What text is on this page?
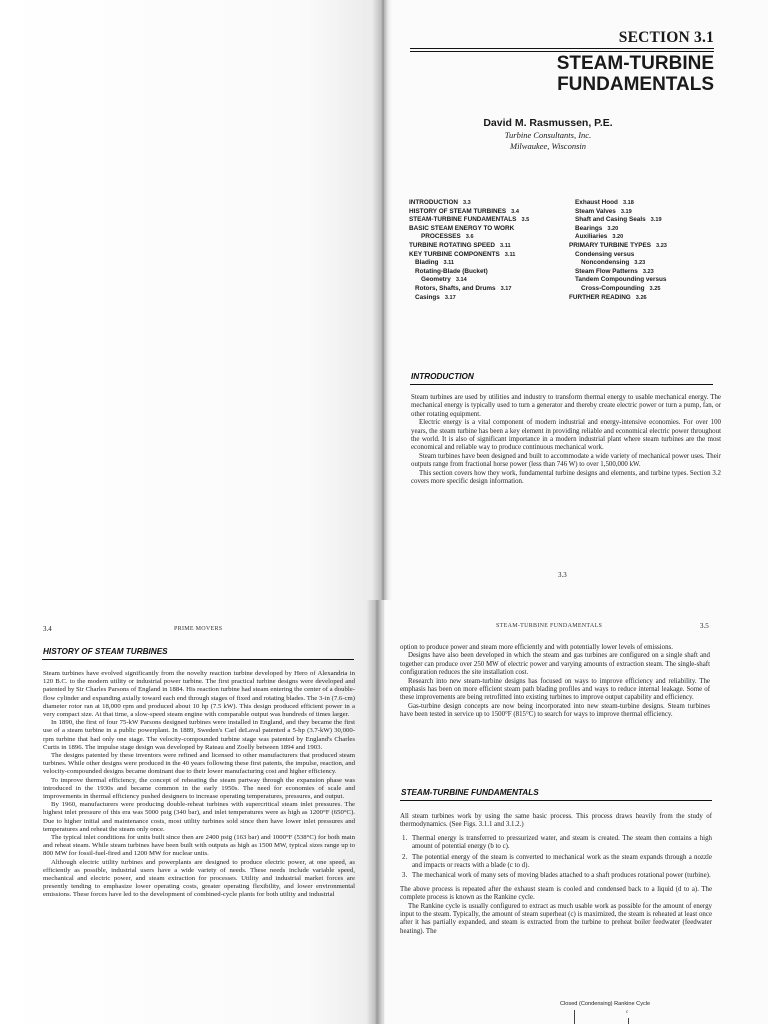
SECTION 3.1
STEAM-TURBINE
FUNDAMENTALS
David M. Rasmussen, P.E.
Turbine Consultants, Inc.
Milwaukee, Wisconsin
INTRODUCTION 3.3
HISTORY OF STEAM TURBINES 3.4
STEAM-TURBINE FUNDAMENTALS 3.5
BASIC STEAM ENERGY TO WORK
PROCESSES 3.6
TURBINE ROTATING SPEED 3.11
KEY TURBINE COMPONENTS 3.11
Blading 3.11
Rotating-Blade (Bucket)
Geometry 3.14
Rotors, Shafts, and Drums 3.17
Casings 3.17
Exhaust Hood 3.18
Steam Valves 3.19
Shaft and Casing Seals 3.19
Bearings 3.20
Auxiliaries 3.20
PRIMARY TURBINE TYPES 3.23
Condensing versus
Noncondensing 3.23
Steam Flow Patterns 3.23
Tandem Compounding versus
Cross-Compounding 3.25
FURTHER READING 3.26
INTRODUCTION

Steam turbines are used by utilities and industry to transform thermal energy to usable mechanical energy. The mechanical energy is typically used to turn a generator and thereby create electric power or turn a pump, fan, or other rotating equipment.

Electric energy is a vital component of modern industrial and energy-intensive economies. For over 100 years, the steam turbine has been a key element in providing reliable and economical electric power throughout the world. It is also of significant importance in a modern industrial plant where steam turbines are the most economical and reliable way to produce continuous mechanical work.

Steam turbines have been designed and built to accommodate a wide variety of mechanical power uses. Their outputs range from fractional horse power (less than 746 W) to over 1,500,000 kW.

This section covers how they work, fundamental turbine designs and elements, and turbine types. Section 3.2 covers more specific design information.

3.3
3.4	PRIME MOVERS
HISTORY OF STEAM TURBINES

Steam turbines have evolved significantly from the novelty reaction turbine developed by Hero of Alexandria in 120 B.C. to the modern utility or industrial power turbine. The first practical turbine designs were developed and patented by Sir Charles Parsons of England in 1884. His reaction turbine had steam entering the center of a double-flow cylinder and expanding axially toward each end through stages of fixed and rotating blades. The 3-in (7.6-cm) diameter rotor ran at 18,000 rpm and produced about 10 hp (7.5 kW). This design produced efficient power in a very compact size. At that time, a slow-speed steam engine with comparable output was hundreds of times larger.

In 1890, the first of four 75-kW Parsons designed turbines were installed in England, and they became the first use of a steam turbine in a public powerplant. In 1889, Sweden's Carl deLaval patented a 5-hp (3.7-kW) 30,000-rpm turbine that had only one stage. The velocity-compounded turbine stage was patented by England's Charles Curtis in 1896. The impulse stage design was developed by Rateau and Zoelly between 1894 and 1903.

The designs patented by these inventors were refined and licensed to other manufacturers that produced steam turbines. While other designs were produced in the 40 years following these first patents, the impulse, reaction, and velocity-compounded designs became dominant due to their lower manufacturing cost and higher efficiency.

To improve thermal efficiency, the concept of reheating the steam partway through the expansion phase was introduced in the 1930s and became common in the early 1950s. The need for economies of scale and improvements in thermal efficiency pushed designers to increase operating temperatures, pressures, and output.

By 1960, manufacturers were producing double-reheat turbines with supercritical steam inlet pressures. The highest inlet pressure of this era was 5000 psig (340 bar), and inlet temperatures were as high as 1200°F (650°C). Due to higher initial and maintenance costs, most utility turbines sold since then have lower inlet pressures and temperatures and reheat the steam only once.

The typical inlet conditions for units built since then are 2400 psig (163 bar) and 1000°F (538°C) for both main and reheat steam. While steam turbines have been built with outputs as high as 1500 MW, typical sizes range up to 800 MW for fossil-fuel-fired and 1200 MW for nuclear units.

Although electric utility turbines and powerplants are designed to produce electric power, at one speed, as efficiently as possible, industrial users have a wide variety of needs. These needs include variable speed, mechanical and electric power, and steam extraction for processes. Utility and industrial market forces are presently tending to emphasize lower operating costs, greater operating flexibility, and lower environmental emissions. These forces have led to the development of combined-cycle plants for both utility and industrial

STEAM-TURBINE FUNDAMENTALS	3.5

option to produce power and steam more efficiently and with potentially lower levels of emissions.

Designs have also been developed in which the steam and gas turbines are configured on a single shaft and together can produce over 250 MW of electric power and varying amounts of extraction steam. The single-shaft configuration reduces the site installation cost.

Research into new steam-turbine designs has focused on ways to improve efficiency and reliability. The emphasis has been on more efficient steam path blading profiles and ways to reduce internal leakage. Some of these improvements are being retrofitted into existing turbines to improve output capability and efficiency.

Gas-turbine design concepts are now being incorporated into new steam-turbine designs. Steam turbines have been tested in service up to 1500°F (815°C) to search for ways to improve thermal efficiency.

STEAM-TURBINE FUNDAMENTALS

All steam turbines work by using the same basic process. This process draws heavily from the study of thermodynamics. (See Figs. 3.1.1 and 3.1.2.)

1. Thermal energy is transferred to pressurized water, and steam is created. The steam then contains a high amount of potential energy (b to c).
2. The potential energy of the steam is converted to mechanical work as the steam expands through a nozzle and impacts or reacts with a blade (c to d).
3. The mechanical work of many sets of moving blades attached to a shaft produces rotational power (turbine).

The above process is repeated after the exhaust steam is cooled and condensed back to a liquid (d to a). The complete process is known as the Rankine cycle.

The Rankine cycle is usually configured to extract as much usable work as possible for the amount of energy input to the steam. Typically, the amount of steam superheat (c) is maximized, the steam is reheated at least once after it has partially expanded, and steam is extracted from the turbine to preheat boiler feedwater (feedwater heating). The

Closed (Condensing) Rankine Cycle
c
